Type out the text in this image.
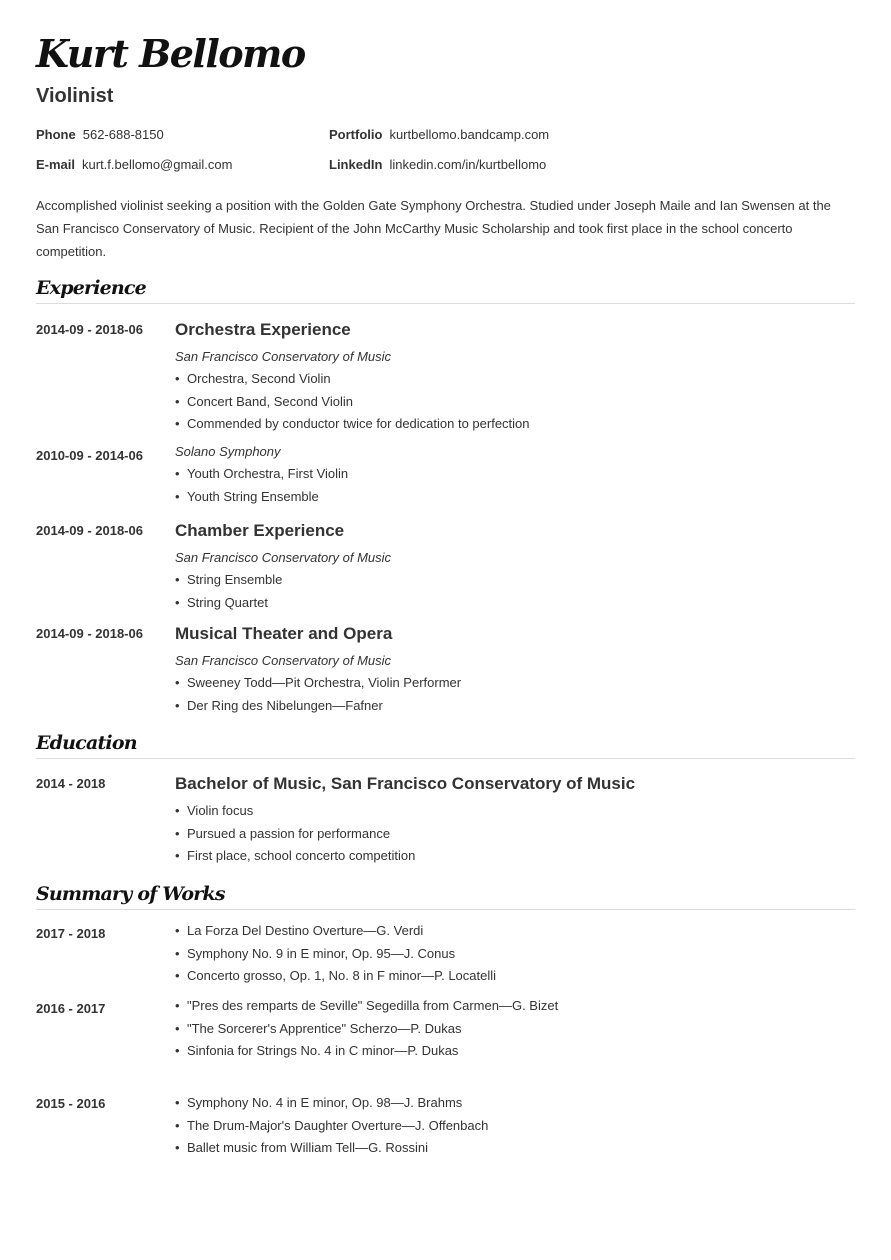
Kurt Bellomo
Violinist
Phone 562-688-8150
E-mail kurt.f.bellomo@gmail.com
Portfolio kurtbellomo.bandcamp.com
LinkedIn linkedin.com/in/kurtbellomo
Accomplished violinist seeking a position with the Golden Gate Symphony Orchestra. Studied under Joseph Maile and Ian Swensen at the San Francisco Conservatory of Music. Recipient of the John McCarthy Music Scholarship and took first place in the school concerto competition.
Experience
2014-09 - 2018-06 Orchestra Experience
San Francisco Conservatory of Music
• Orchestra, Second Violin
• Concert Band, Second Violin
• Commended by conductor twice for dedication to perfection
2010-09 - 2014-06 Solano Symphony
• Youth Orchestra, First Violin
• Youth String Ensemble
2014-09 - 2018-06 Chamber Experience
San Francisco Conservatory of Music
• String Ensemble
• String Quartet
2014-09 - 2018-06 Musical Theater and Opera
San Francisco Conservatory of Music
• Sweeney Todd—Pit Orchestra, Violin Performer
• Der Ring des Nibelungen—Fafner
Education
2014 - 2018	Bachelor of Music, San Francisco Conservatory of Music
• Violin focus
• Pursued a passion for performance
• First place, school concerto competition
Summary of Works
2017 - 2018	• La Forza Del Destino Overture—G. Verdi
• Symphony No. 9 in E minor, Op. 95—J. Conus
• Concerto grosso, Op. 1, No. 8 in F minor—P. Locatelli
2016 - 2017	• "Pres des remparts de Seville" Segedilla from Carmen—G. Bizet
• "The Sorcerer's Apprentice" Scherzo—P. Dukas
• Sinfonia for Strings No. 4 in C minor—P. Dukas
2015 - 2016	• Symphony No. 4 in E minor, Op. 98—J. Brahms
• The Drum-Major's Daughter Overture—J. Offenbach
• Ballet music from William Tell—G. Rossini
